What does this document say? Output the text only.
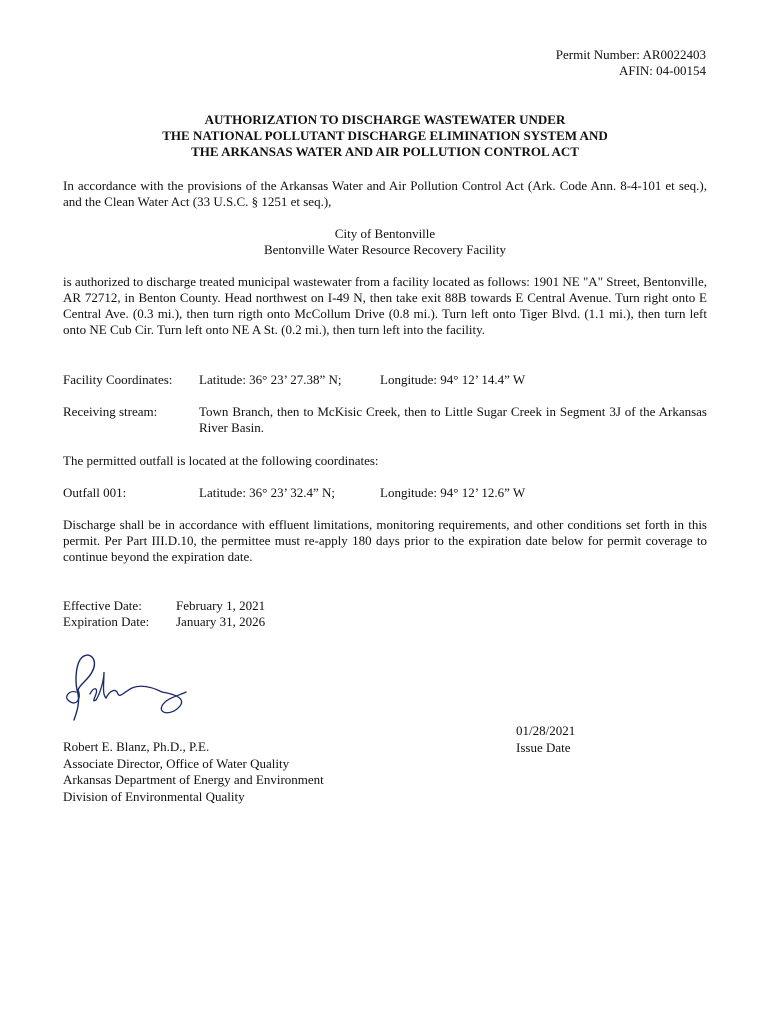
Permit Number: AR0022403
AFIN: 04-00154
AUTHORIZATION TO DISCHARGE WASTEWATER UNDER
THE NATIONAL POLLUTANT DISCHARGE ELIMINATION SYSTEM AND
THE ARKANSAS WATER AND AIR POLLUTION CONTROL ACT
In accordance with the provisions of the Arkansas Water and Air Pollution Control Act (Ark. Code Ann. 8-4-101 et seq.), and the Clean Water Act (33 U.S.C. § 1251 et seq.),
City of Bentonville
Bentonville Water Resource Recovery Facility
is authorized to discharge treated municipal wastewater from a facility located as follows: 1901 NE "A" Street, Bentonville, AR 72712, in Benton County. Head northwest on I-49 N, then take exit 88B towards E Central Avenue. Turn right onto E Central Ave. (0.3 mi.), then turn rigth onto McCollum Drive (0.8 mi.). Turn left onto Tiger Blvd. (1.1 mi.), then turn left onto NE Cub Cir. Turn left onto NE A St. (0.2 mi.), then turn left into the facility.
Facility Coordinates: Latitude: 36° 23’ 27.38” N;	Longitude: 94° 12’ 14.4” W
Receiving stream:	Town Branch, then to McKisic Creek, then to Little Sugar Creek in Segment 3J of the Arkansas River Basin.
The permitted outfall is located at the following coordinates:
Outfall 001:	Latitude: 36° 23’ 32.4” N;	Longitude: 94° 12’ 12.6” W
Discharge shall be in accordance with effluent limitations, monitoring requirements, and other conditions set forth in this permit. Per Part III.D.10, the permittee must re-apply 180 days prior to the expiration date below for permit coverage to continue beyond the expiration date.
Effective Date:	February 1, 2021
Expiration Date: January 31, 2026
01/28/2021
Issue Date
Robert E. Blanz, Ph.D., P.E.
Associate Director, Office of Water Quality
Arkansas Department of Energy and Environment
Division of Environmental Quality
